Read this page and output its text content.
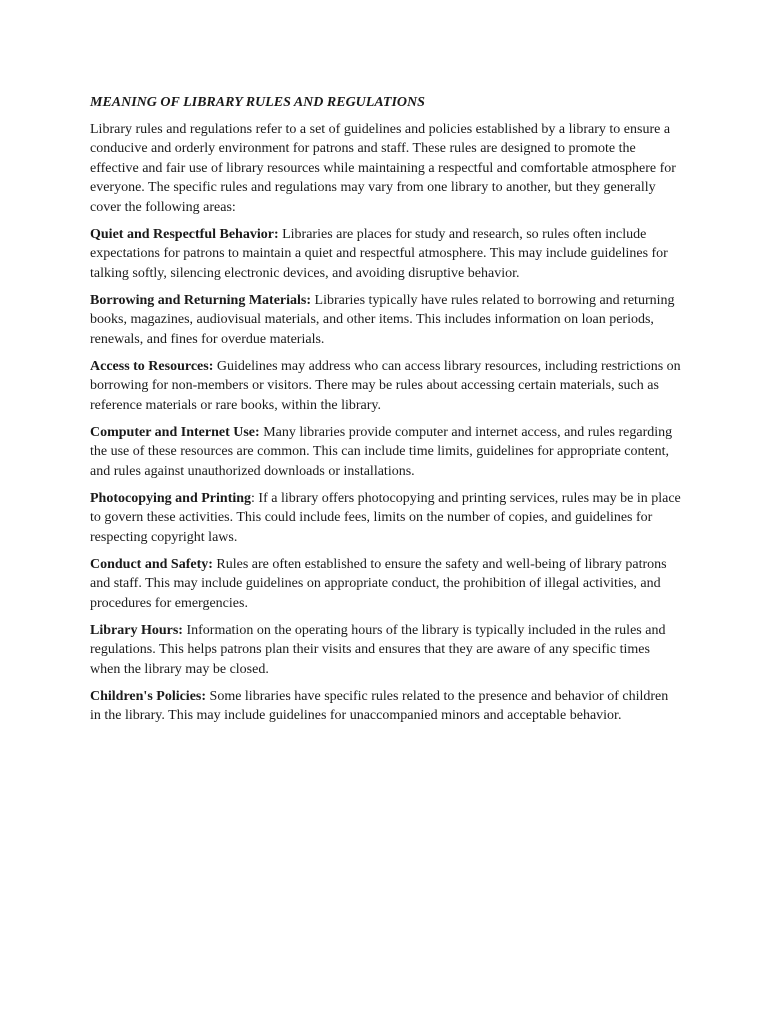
MEANING OF LIBRARY RULES AND REGULATIONS

Library rules and regulations refer to a set of guidelines and policies established by a library to ensure a conducive and orderly environment for patrons and staff. These rules are designed to promote the effective and fair use of library resources while maintaining a respectful and comfortable atmosphere for everyone. The specific rules and regulations may vary from one library to another, but they generally cover the following areas:

Quiet and Respectful Behavior: Libraries are places for study and research, so rules often include expectations for patrons to maintain a quiet and respectful atmosphere. This may include guidelines for talking softly, silencing electronic devices, and avoiding disruptive behavior.

Borrowing and Returning Materials: Libraries typically have rules related to borrowing and returning books, magazines, audiovisual materials, and other items. This includes information on loan periods, renewals, and fines for overdue materials.

Access to Resources: Guidelines may address who can access library resources, including restrictions on borrowing for non-members or visitors. There may be rules about accessing certain materials, such as reference materials or rare books, within the library.

Computer and Internet Use: Many libraries provide computer and internet access, and rules regarding the use of these resources are common. This can include time limits, guidelines for appropriate content, and rules against unauthorized downloads or installations.

Photocopying and Printing: If a library offers photocopying and printing services, rules may be in place to govern these activities. This could include fees, limits on the number of copies, and guidelines for respecting copyright laws.

Conduct and Safety: Rules are often established to ensure the safety and well-being of library patrons and staff. This may include guidelines on appropriate conduct, the prohibition of illegal activities, and procedures for emergencies.

Library Hours: Information on the operating hours of the library is typically included in the rules and regulations. This helps patrons plan their visits and ensures that they are aware of any specific times when the library may be closed.

Children's Policies: Some libraries have specific rules related to the presence and behavior of children in the library. This may include guidelines for unaccompanied minors and acceptable behavior.
